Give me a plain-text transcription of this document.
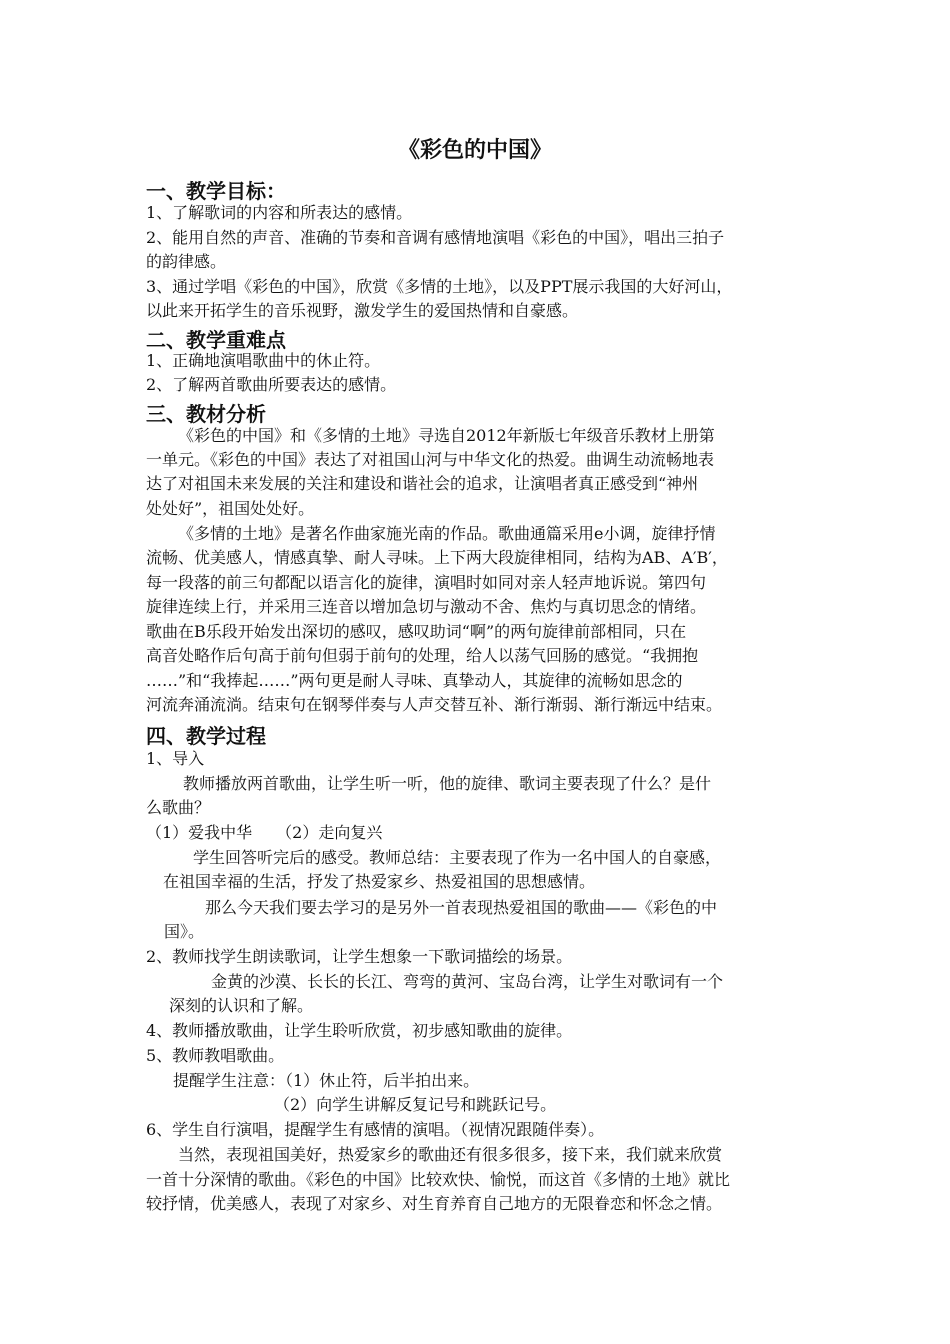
《彩色的中国》
一、教学目标：
1、了解歌词的内容和所表达的感情。
2、能用自然的声音、准确的节奏和音调有感情地演唱《彩色的中国》，唱出三拍子
的韵律感。
3、通过学唱《彩色的中国》，欣赏《多情的土地》，以及PPT展示我国的大好河山，
以此来开拓学生的音乐视野，激发学生的爱国热情和自豪感。
二、教学重难点
1、正确地演唱歌曲中的休止符。
2、了解两首歌曲所要表达的感情。
三、教材分析
《彩色的中国》和《多情的土地》寻选自2012年新版七年级音乐教材上册第
一单元。《彩色的中国》表达了对祖国山河与中华文化的热爱。曲调生动流畅地表
达了对祖国未来发展的关注和建设和谐社会的追求，让演唱者真正感受到“神州
处处好”，祖国处处好。
《多情的土地》是著名作曲家施光南的作品。歌曲通篇采用e小调，旋律抒情
流畅、优美感人，情感真挚、耐人寻味。上下两大段旋律相同，结构为AB、A′B′，
每一段落的前三句都配以语言化的旋律，演唱时如同对亲人轻声地诉说。第四句
旋律连续上行，并采用三连音以增加急切与激动不舍、焦灼与真切思念的情绪。
歌曲在B乐段开始发出深切的感叹，感叹助词“啊”的两句旋律前部相同，只在
高音处略作后句高于前句但弱于前句的处理，给人以荡气回肠的感觉。“我拥抱
……”和“我捧起……”两句更是耐人寻味、真挚动人，其旋律的流畅如思念的
河流奔涌流淌。结束句在钢琴伴奏与人声交替互补、渐行渐弱、渐行渐远中结束。
四、教学过程
1、导入
教师播放两首歌曲，让学生听一听，他的旋律、歌词主要表现了什么？是什
么歌曲？
（1）爱我中华　　（2）走向复兴
学生回答听完后的感受。教师总结：主要表现了作为一名中国人的自豪感，
在祖国幸福的生活，抒发了热爱家乡、热爱祖国的思想感情。
那么今天我们要去学习的是另外一首表现热爱祖国的歌曲——《彩色的中
国》。
2、教师找学生朗读歌词，让学生想象一下歌词描绘的场景。
金黄的沙漠、长长的长江、弯弯的黄河、宝岛台湾，让学生对歌词有一个
深刻的认识和了解。
4、教师播放歌曲，让学生聆听欣赏，初步感知歌曲的旋律。
5、教师教唱歌曲。
提醒学生注意：（1）休止符，后半拍出来。
（2）向学生讲解反复记号和跳跃记号。
6、学生自行演唱，提醒学生有感情的演唱。（视情况跟随伴奏）。
当然，表现祖国美好，热爱家乡的歌曲还有很多很多，接下来，我们就来欣赏
一首十分深情的歌曲。《彩色的中国》比较欢快、愉悦，而这首《多情的土地》就比
较抒情，优美感人，表现了对家乡、对生育养育自己地方的无限眷恋和怀念之情。
